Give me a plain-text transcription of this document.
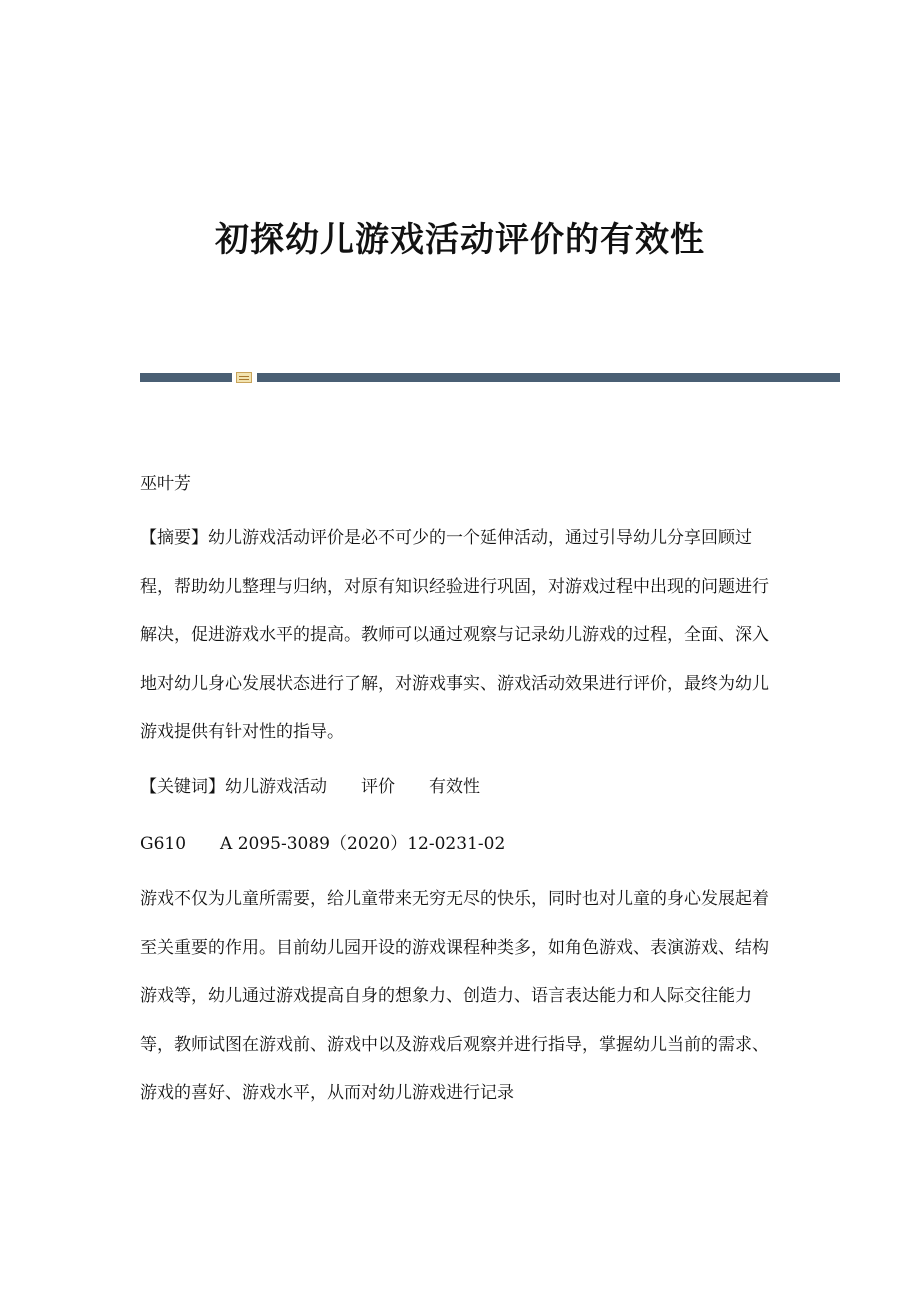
初探幼儿游戏活动评价的有效性
巫叶芳
【摘要】幼儿游戏活动评价是必不可少的一个延伸活动，通过引导幼儿分享回顾过程，帮助幼儿整理与归纳，对原有知识经验进行巩固，对游戏过程中出现的问题进行解决，促进游戏水平的提高。教师可以通过观察与记录幼儿游戏的过程，全面、深入地对幼儿身心发展状态进行了解，对游戏事实、游戏活动效果进行评价，最终为幼儿游戏提供有针对性的指导。
【关键词】幼儿游戏活动　　评价　　有效性
G610　　A 2095-3089（2020）12-0231-02
游戏不仅为儿童所需要，给儿童带来无穷无尽的快乐，同时也对儿童的身心发展起着至关重要的作用。目前幼儿园开设的游戏课程种类多，如角色游戏、表演游戏、结构游戏等，幼儿通过游戏提高自身的想象力、创造力、语言表达能力和人际交往能力等，教师试图在游戏前、游戏中以及游戏后观察并进行指导，掌握幼儿当前的需求、游戏的喜好、游戏水平，从而对幼儿游戏进行记录
